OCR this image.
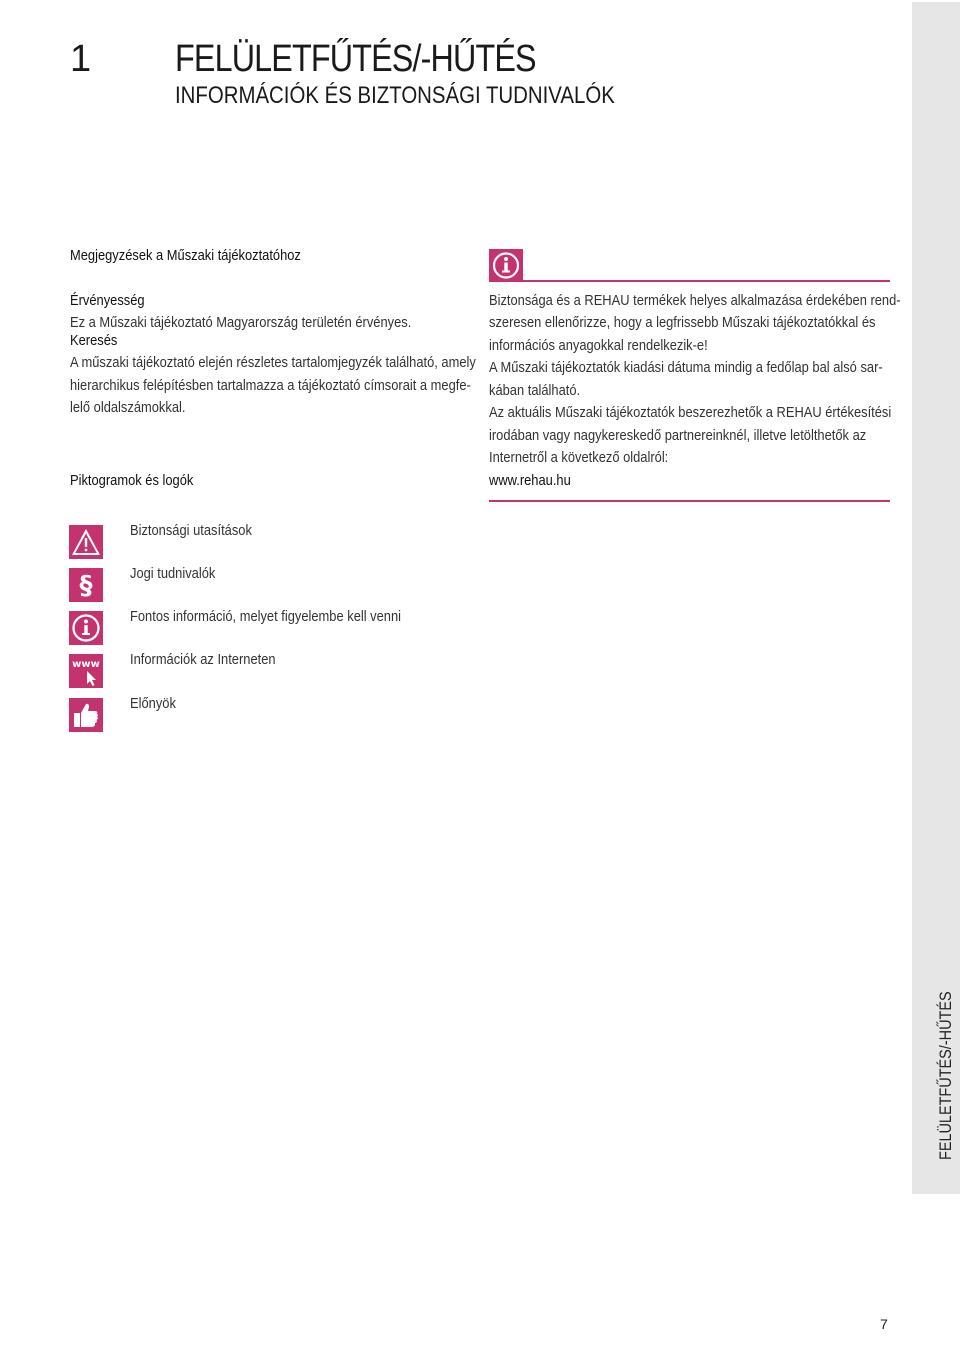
1 FELÜLETFŰTÉS/-HŰTÉS
INFORMÁCIÓK ÉS BIZTONSÁGI TUDNIVALÓK
Megjegyzések a Műszaki tájékoztatóhoz
Érvényesség
Ez a Műszaki tájékoztató Magyarország területén érvényes.
Keresés
A műszaki tájékoztató elején részletes tartalomjegyzék található, amely
hierarchikus felépítésben tartalmazza a tájékoztató címsorait a megfe-
lelő oldalszámokkal.
Piktogramok és logók
Biztonsága és a REHAU termékek helyes alkalmazása érdekében rend-
szeresen ellenőrizze, hogy a legfrissebb Műszaki tájékoztatókkal és
információs anyagokkal rendelkezik-e!
A Műszaki tájékoztatók kiadási dátuma mindig a fedőlap bal alsó sar-
kában található.
Az aktuális Műszaki tájékoztatók beszerezhetők a REHAU értékesítési
irodában vagy nagykereskedő partnereinknél, illetve letölthetők az
Internetről a következő oldalról:
www.rehau.hu
Biztonsági utasítások
§	Jogi tudnivalók
Fontos információ, melyet figyelembe kell venni
www Információk az Interneten
Előnyök
FELÜLETFŰTÉS/-HŰTÉS
7
